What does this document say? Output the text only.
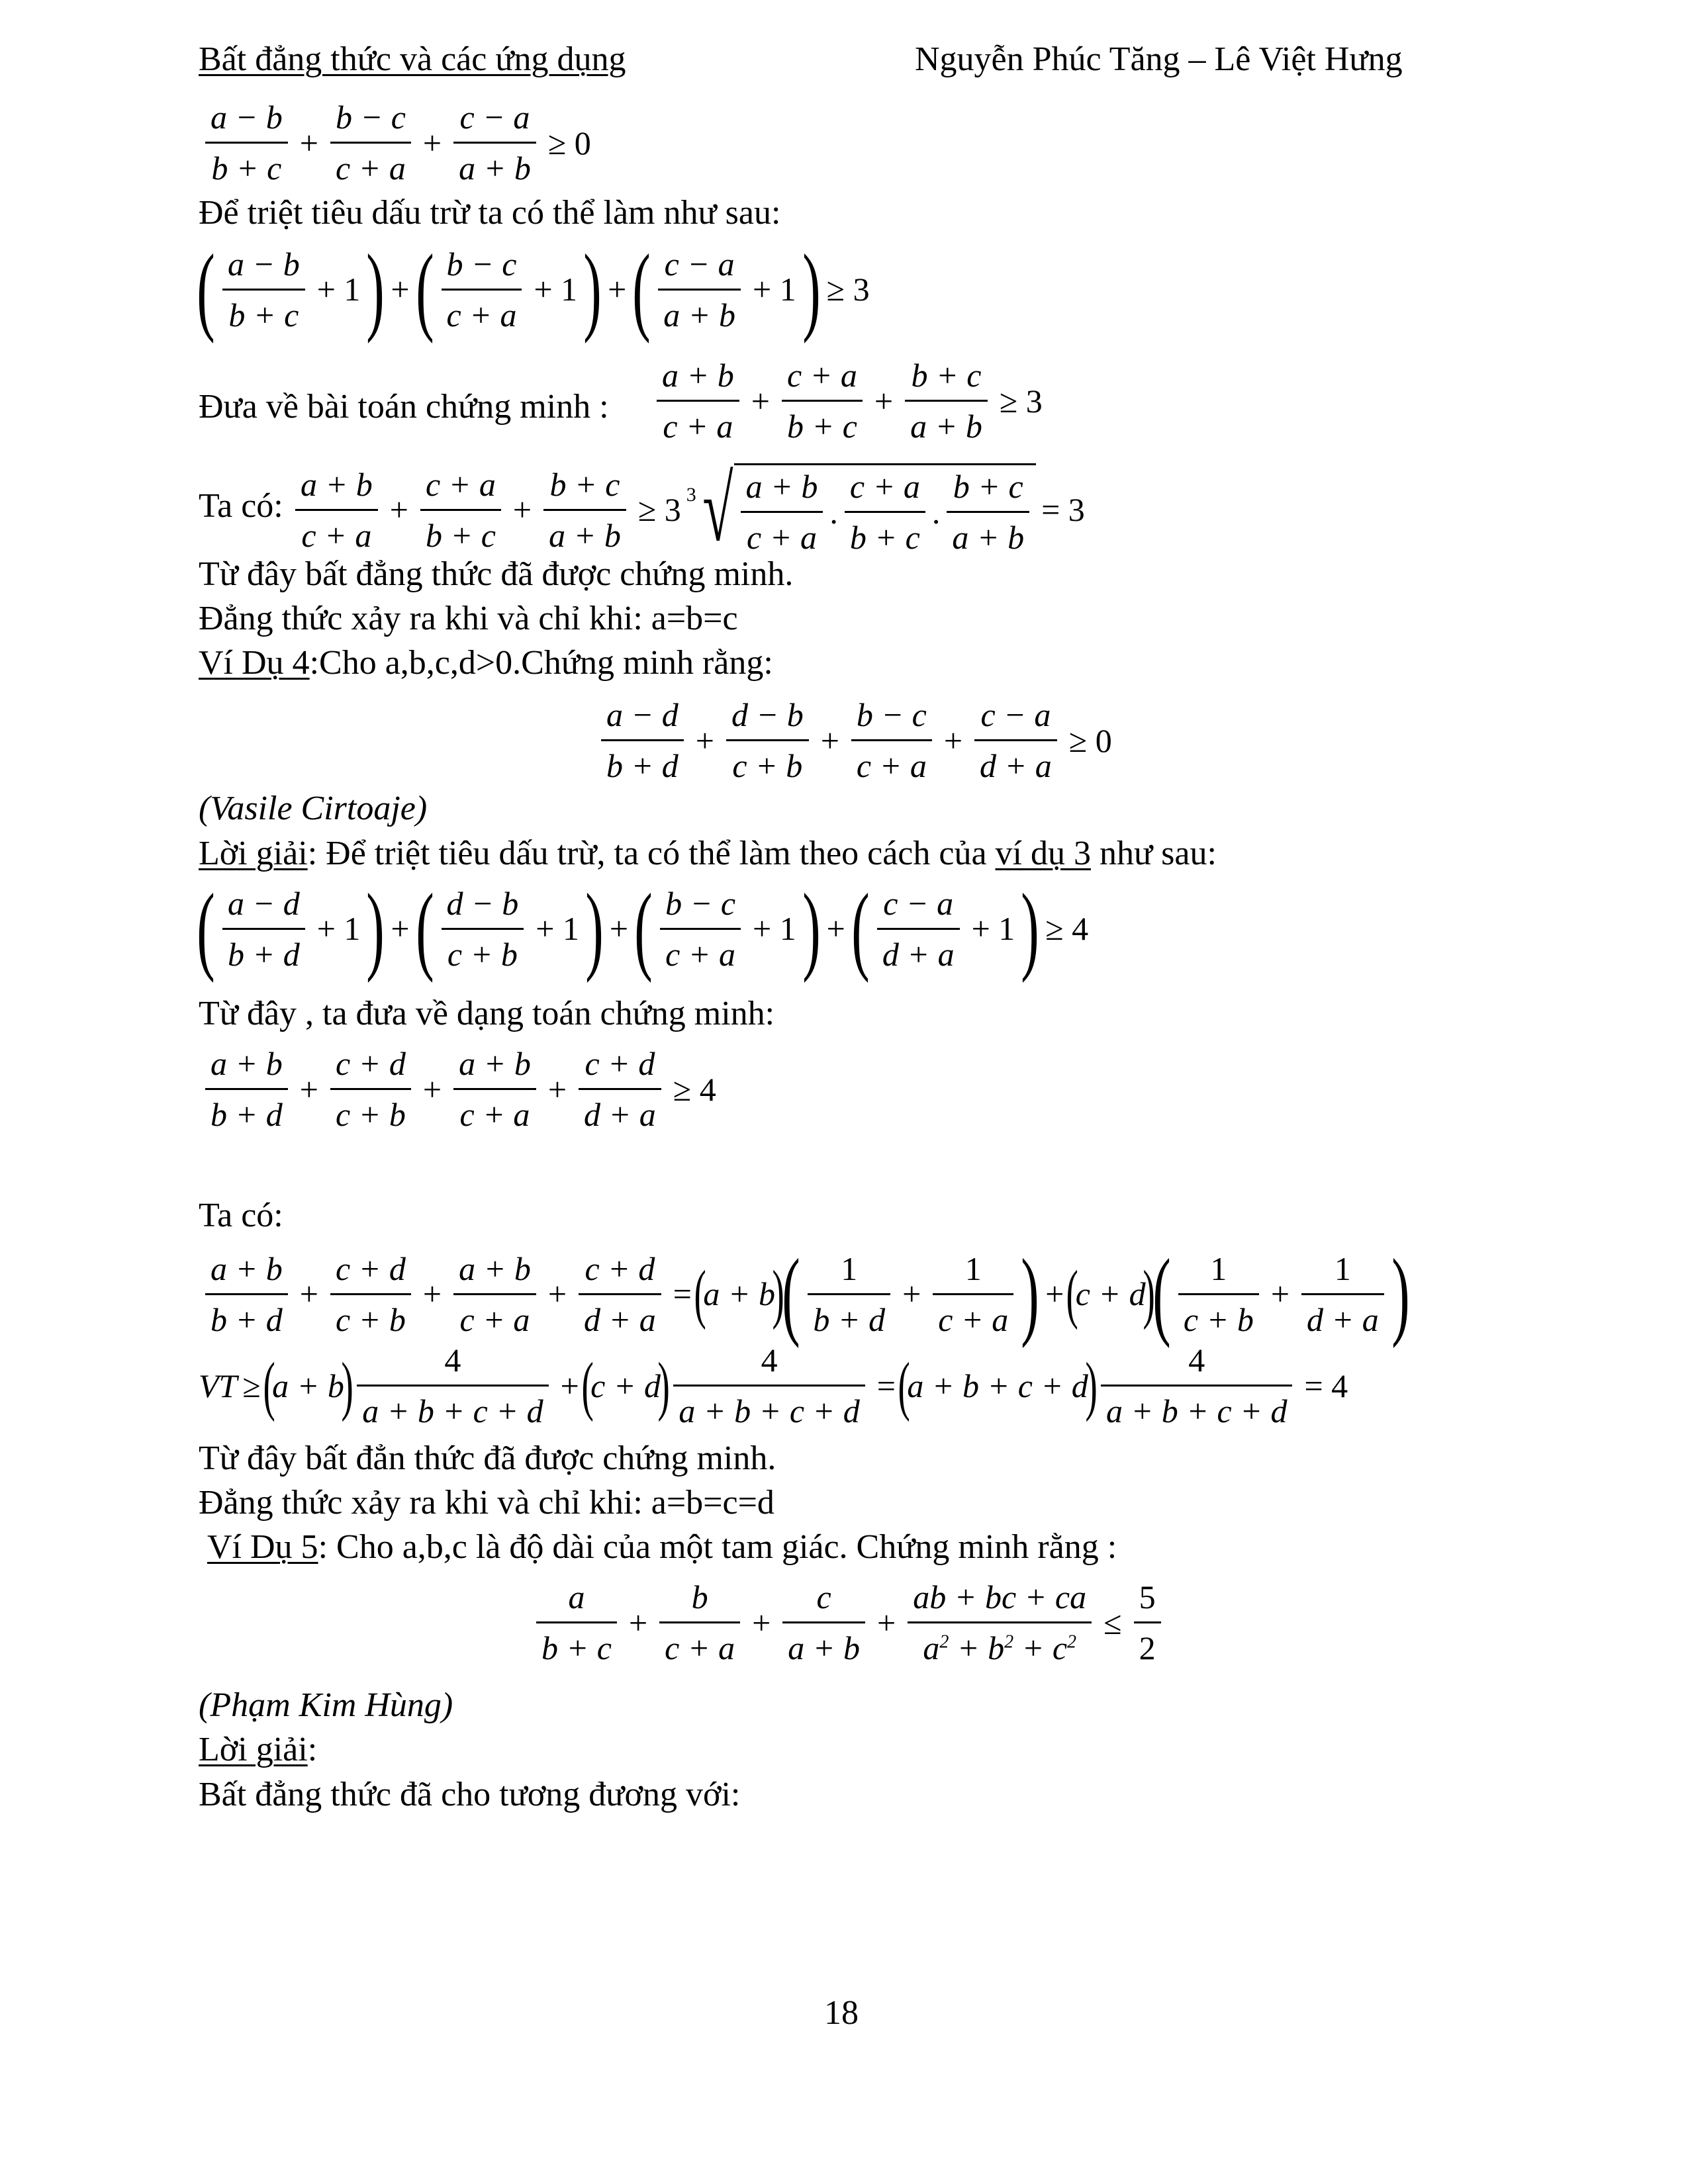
Bất đẳng thức và các ứng dụng	Nguyễn Phúc Tăng – Lê Việt Hưng
$\frac{a - b}{b + c} + \frac{b - c}{c + a} + \frac{c - a}{a + b} \ge 0$
Để triệt tiêu dấu trừ ta có thể làm như sau:
( $\frac{a - b}{b + c} + 1$ ) + ( $\frac{b - c}{c + a} + 1$ ) + ( $\frac{c - a}{a + b} + 1$ ) ≥ 3
Đưa về bài toán chứng minh : $\frac{a + b}{c + a} + \frac{c + a}{b + c} + \frac{b + c}{a + b} \ge 3$
Ta có: $\frac{a + b}{c + a} + \frac{c + a}{b + c} + \frac{b + c}{a + b} \ge 3$ 3 √ $\frac{a + b}{c + a}$ . $\frac{c + a}{b + c}$ . $\frac{b + c}{a + b} = 3$
Từ đây bất đẳng thức đã được chứng minh.
Đẳng thức xảy ra khi và chỉ khi: a=b=c
Ví Dụ 4:Cho a,b,c,d>0.Chứng minh rằng:
$\frac{a - d}{b + d} + \frac{d - b}{c + b} + \frac{b - c}{c + a} + \frac{c - a}{d + a} \ge 0$
(Vasile Cirtoaje)
Lời giải: Để triệt tiêu dấu trừ, ta có thể làm theo cách của ví dụ 3 như sau:
( $\frac{a - d}{b + d} + 1$ ) + ( $\frac{d - b}{c + b} + 1$ ) + ( $\frac{b - c}{c + a} + 1$ ) + ( $\frac{c - a}{d + a} + 1$ ) ≥ 4
Từ đây , ta đưa về dạng toán chứng minh:
$\frac{a + b}{b + d} + \frac{c + d}{c + b} + \frac{a + b}{c + a} + \frac{c + d}{d + a} \ge 4$
Ta có:
$\frac{a + b}{b + d} + \frac{c + d}{c + b} + \frac{a + b}{c + a} + \frac{c + d}{d + a}$ = (
a + b
)
( $\frac{1}{b + d} + \frac{1}{c + a}$ ) + (
c + d
)
( $\frac{1}{c + b} + \frac{1}{d + a}$ )
VT ≥ (
a + b
) $\frac{4}{a + b + c + d}$ + (
c + d
) $\frac{4}{a + b + c + d}$ = (
a + b + c + d
) $\frac{4}{a + b + c + d} = 4$
Từ đây bất đẳn thức đã được chứng minh.
Đẳng thức xảy ra khi và chỉ khi: a=b=c=d
Ví Dụ 5: Cho a,b,c là độ dài của một tam giác. Chứng minh rằng :
$\frac{a}{b + c} + \frac{b}{c + a} + \frac{c}{a + b} + \frac{ab + bc + ca}{a^2 + b^2 + c^2} \le \frac{5}{2}$
(Phạm Kim Hùng)
Lời giải:
Bất đẳng thức đã cho tương đương với:
18
